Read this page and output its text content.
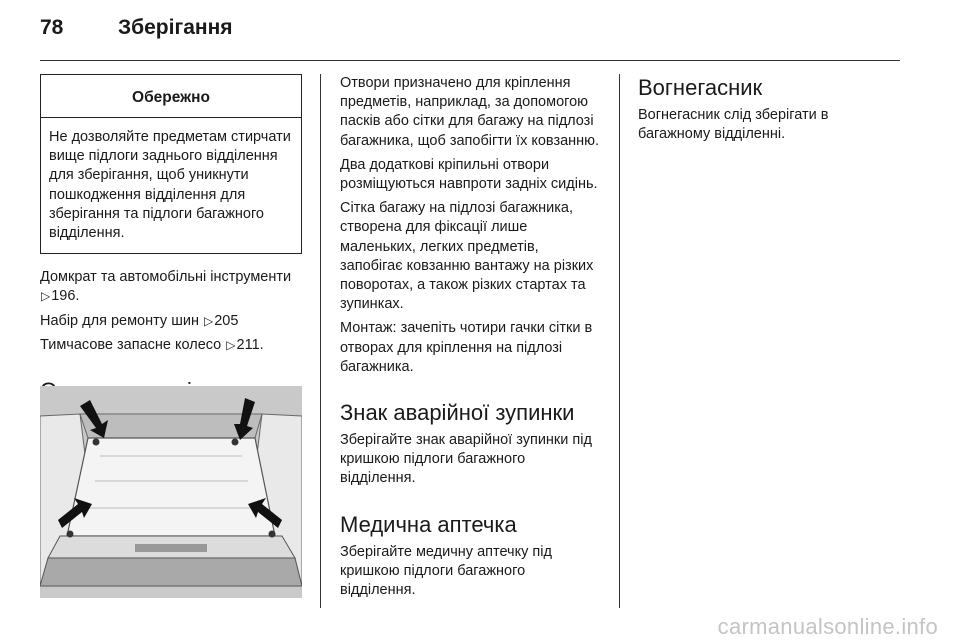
78	Зберігання
Обережно
Не дозволяйте предметам стирчати вище підлоги заднього відділення для зберігання, щоб уникнути пошкодження відділення для зберігання та підлоги багажного відділення.

Домкрат та автомобільні інструменти ▷196.

Набір для ремонту шин ▷205

Тимчасове запасне колесо ▷211.

Отвори призначено для кріплення предметів, наприклад, за допомогою пасків або сітки для багажу на підлозі багажника, щоб запобігти їх ковзанню.

Два додаткові кріпильні отвори розміщуються навпроти задніх сидінь.

Сітка багажу на підлозі багажника, створена для фіксації лише маленьких, легких предметів, запобігає ковзанню вантажу на різких поворотах, а також різких стартах та зупинках.

Монтаж: зачепіть чотири гачки сітки в отворах для кріплення на підлозі багажника.

Знак аварійної зупинки

Зберігайте знак аварійної зупинки під кришкою підлоги багажного відділення.

Медична аптечка

Зберігайте медичну аптечку під кришкою підлоги багажного відділення.

Вогнегасник

Вогнегасник слід зберігати в багажному відділенні.

carmanualsonline.info
